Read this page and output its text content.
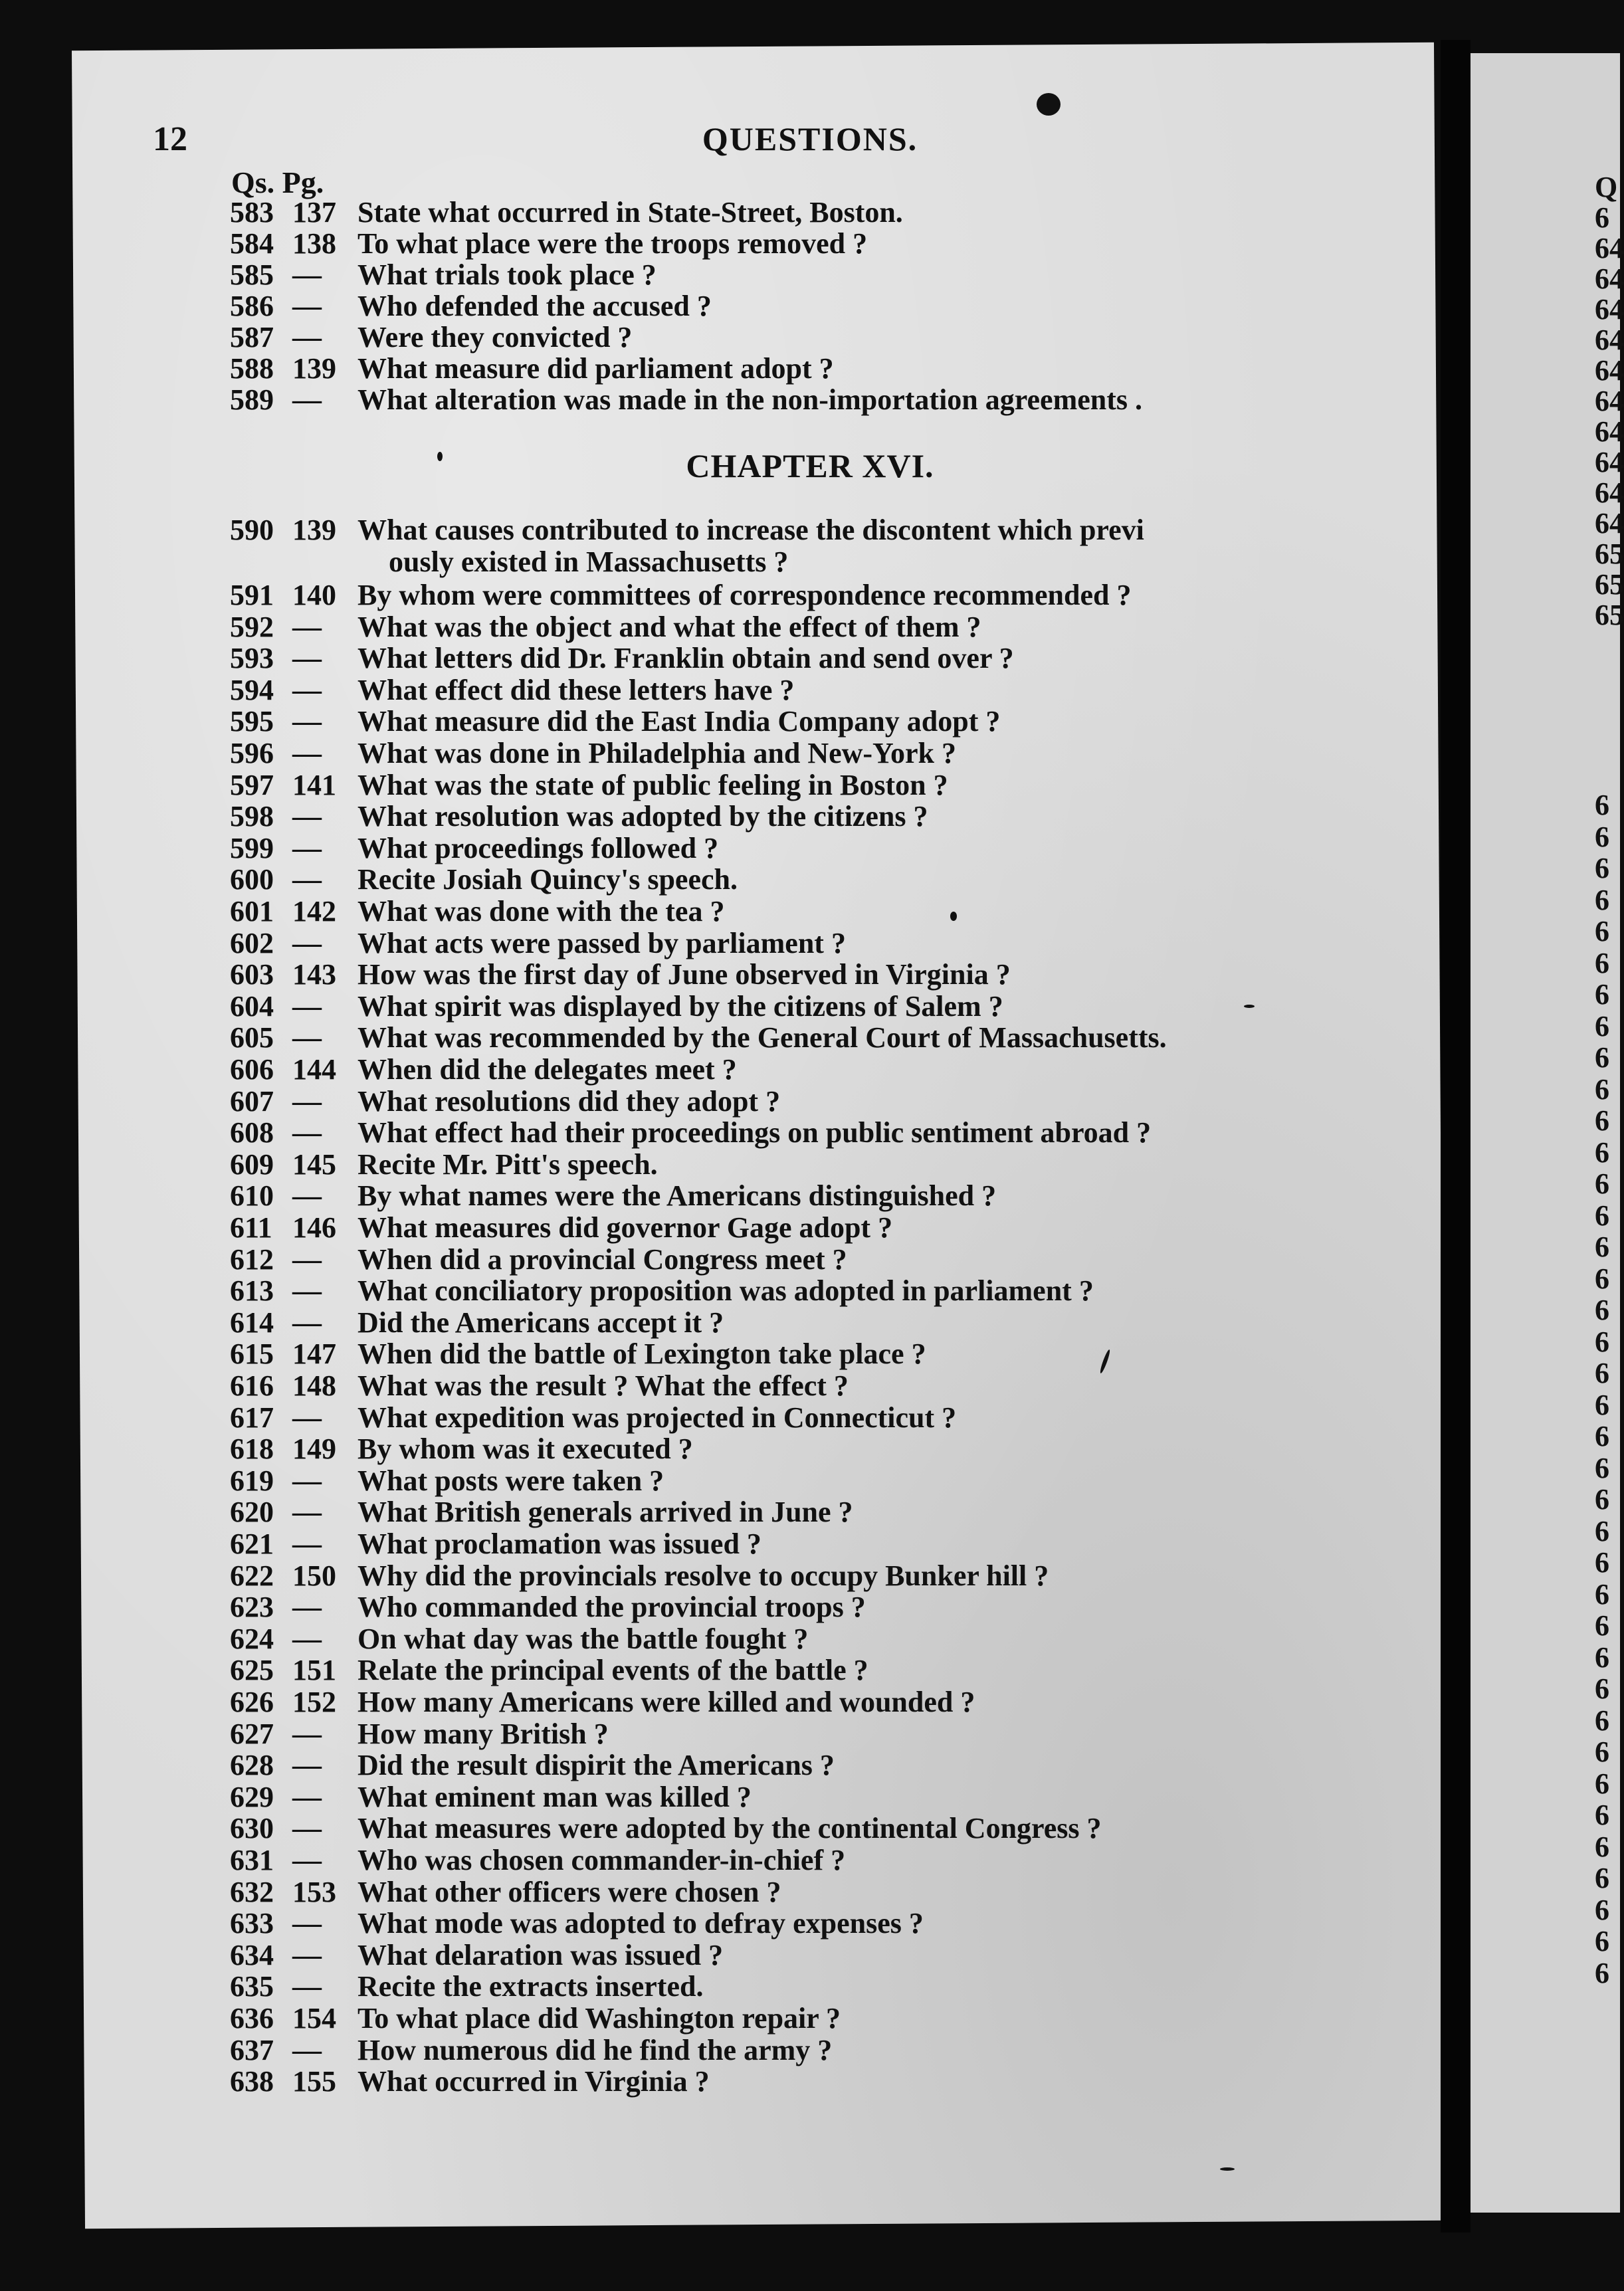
12	QUESTIONS.
Qs. Pg.
583 137 State what occurred in State-Street, Boston.
584 138 To what place were the troops removed ?
585 —	What trials took place ?
586 —	Who defended the accused ?
587 —	Were they convicted ?
588 139 What measure did parliament adopt ?
589 —	What alteration was made in the non-importation agreements .
CHAPTER XVI.
590 139 What causes contributed to increase the discontent which previ
ously existed in Massachusetts ?
591 140 By whom were committees of correspondence recommended ?
592 —	What was the object and what the effect of them ?
593 —	What letters did Dr. Franklin obtain and send over ?
594 —	What effect did these letters have ?
595 —	What measure did the East India Company adopt ?
596 —	What was done in Philadelphia and New-York ?
597 141 What was the state of public feeling in Boston ?
598 —	What resolution was adopted by the citizens ?
599 —	What proceedings followed ?
600 —	Recite Josiah Quincy's speech.
601 142 What was done with the tea ?
602 —	What acts were passed by parliament ?
603 143 How was the first day of June observed in Virginia ?
604 —	What spirit was displayed by the citizens of Salem ?
605 —	What was recommended by the General Court of Massachusetts.
606 144 When did the delegates meet ?
607 —	What resolutions did they adopt ?
608 —	What effect had their proceedings on public sentiment abroad ?
609 145 Recite Mr. Pitt's speech.
610 —	By what names were the Americans distinguished ?
611 146 What measures did governor Gage adopt ?
612 —	When did a provincial Congress meet ?
613 —	What conciliatory proposition was adopted in parliament ?
614 —	Did the Americans accept it ?
615 147 When did the battle of Lexington take place ?
616 148 What was the result ? What the effect ?
617 —	What expedition was projected in Connecticut ?
618 149 By whom was it executed ?
619 —	What posts were taken ?
620 —	What British generals arrived in June ?
621 —	What proclamation was issued ?
622 150 Why did the provincials resolve to occupy Bunker hill ?
623 —	Who commanded the provincial troops ?
624 —	On what day was the battle fought ?
625 151 Relate the principal events of the battle ?
626 152 How many Americans were killed and wounded ?
627 —	How many British ?
628 —	Did the result dispirit the Americans ?
629 —	What eminent man was killed ?
630 —	What measures were adopted by the continental Congress ?
631 —	Who was chosen commander-in-chief ?
632 153 What other officers were chosen ?
633 —	What mode was adopted to defray expenses ?
634 —	What delaration was issued ?
635 —	Recite the extracts inserted.
636 154 To what place did Washington repair ?
637 —	How numerous did he find the army ?
638 155 What occurred in Virginia ?
Q
6
64
64
64
64
64
64
64
64
64
64
65
65
65
6
6
6
6
6
6
6
6
6
6
6
6
6
6
6
6
6
6
6
6
6
6
6
6
6
6
6
6
6
6
6
6
6
6
6
6
6
6
